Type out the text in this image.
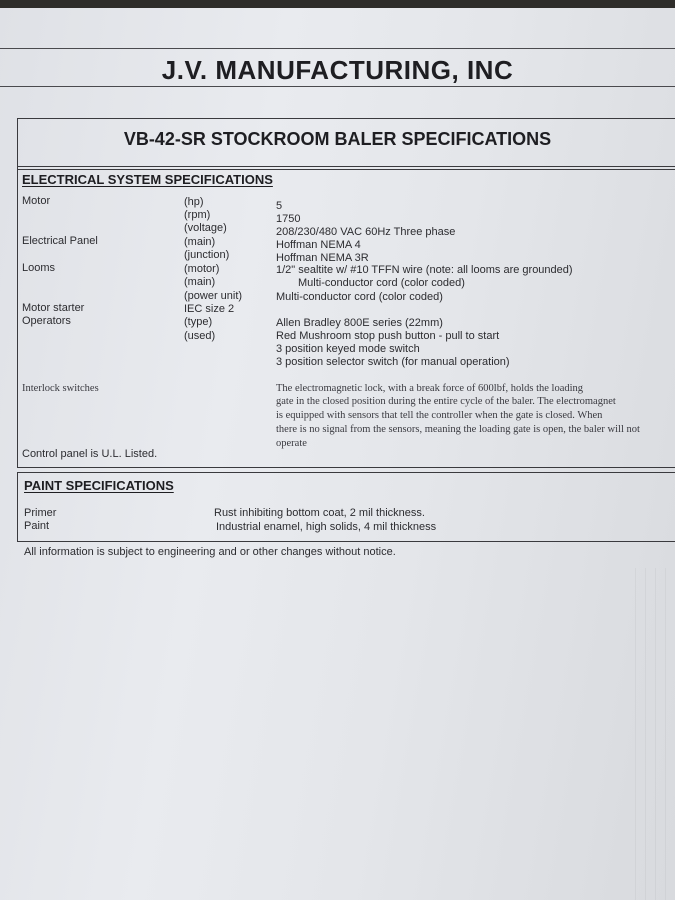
J.V. MANUFACTURING, INC
VB-42-SR STOCKROOM BALER SPECIFICATIONS
ELECTRICAL SYSTEM SPECIFICATIONS
Motor
Electrical Panel
Looms
Motor starter
Operators
Interlock switches
Control panel is U.L. Listed.
(hp)
(rpm)
(voltage)
(main)
(junction)
(motor)
(main)
(power unit)
IEC size 2
(type)
(used)
5
1750
208/230/480 VAC 60Hz Three phase
Hoffman NEMA 4
Hoffman NEMA 3R
1/2" sealtite w/ #10 TFFN wire (note: all looms are grounded)
Multi-conductor cord (color coded)
Multi-conductor cord (color coded)
Allen Bradley 800E series (22mm)
Red Mushroom stop push button - pull to start
3 position keyed mode switch
3 position selector switch (for manual operation)
The electromagnetic lock, with a break force of 600lbf, holds the loading
gate in the closed position during the entire cycle of the baler. The electromagnet
is equipped with sensors that tell the controller when the gate is closed. When
there is no signal from the sensors, meaning the loading gate is open, the baler will not
operate
PAINT SPECIFICATIONS
Primer	Rust inhibiting bottom coat, 2 mil thickness.
Paint	Industrial enamel, high solids, 4 mil thickness
All information is subject to engineering and or other changes without notice.
